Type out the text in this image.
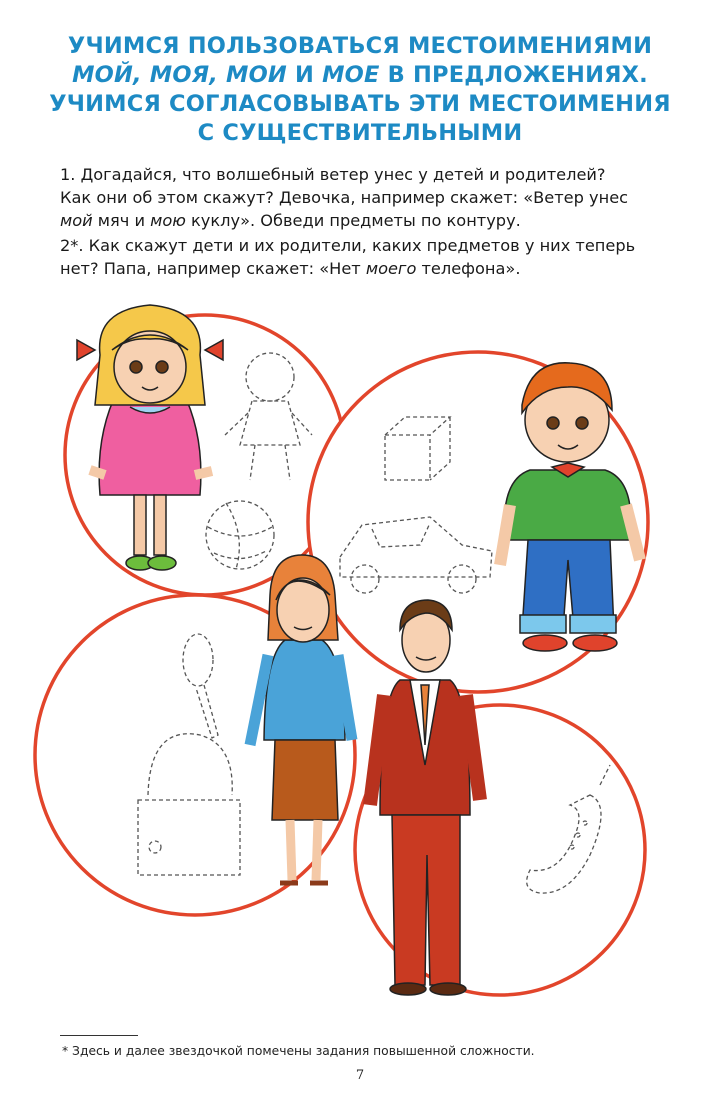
УЧИМСЯ ПОЛЬЗОВАТЬСЯ МЕСТОИМЕНИЯМИ
МОЙ, МОЯ, МОИ И МОЕ В ПРЕДЛОЖЕНИЯХ.
УЧИМСЯ СОГЛАСОВЫВАТЬ ЭТИ МЕСТОИМЕНИЯ
С СУЩЕСТВИТЕЛЬНЫМИ
1. Догадайся, что волшебный ветер унес у детей и родителей?
Как они об этом скажут? Девочка, например скажет: «Ветер унес
мой мяч и мою куклу». Обведи предметы по контуру.
2*. Как скажут дети и их родители, каких предметов у них теперь
нет? Папа, например скажет: «Нет моего телефона».
* Здесь и далее звездочкой помечены задания повышенной сложности.
7
